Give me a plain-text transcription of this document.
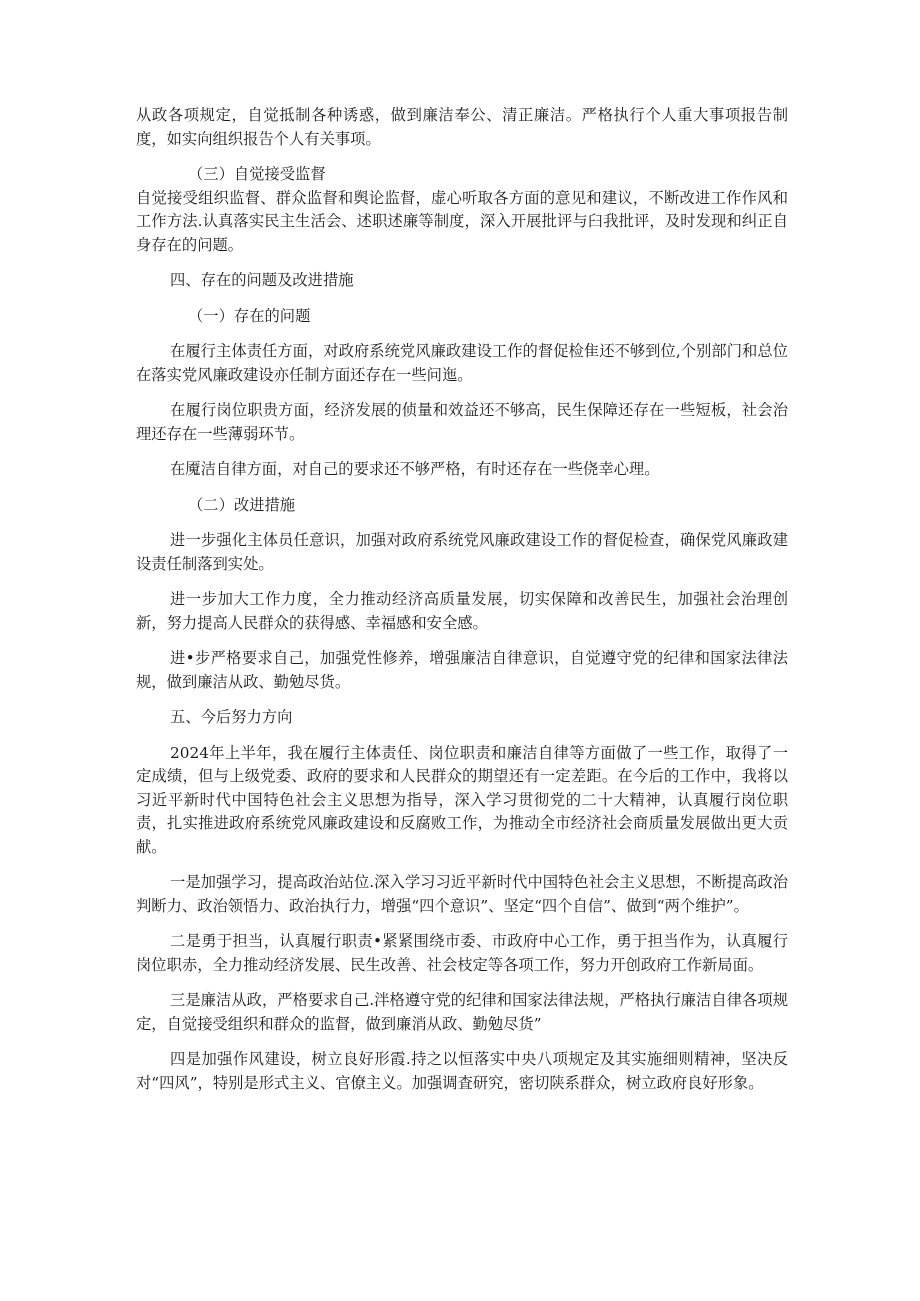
从政各项规定，自觉抵制各种诱惑，做到廉洁奉公、清正廉洁。严格执行个人重大事项报告制度，如实向组织报告个人有关事项。

（三）自觉接受监督

自觉接受组织监督、群众监督和舆论监督，虚心听取各方面的意见和建议，不断改进工作作风和工作方法.认真落实民主生活会、述职述廉等制度，深入开展批评与臼我批评，及时发现和纠正自身存在的问题。

四、存在的问题及改进措施

（一）存在的问题

在履行主体责任方面，对政府系统党风廉政建设工作的督促检隹还不够到位,个别部门和总位在落实党风廉政建设亦任制方面还存在一些问迤。

在履行岗位职贵方面，经济发展的侦量和效益还不够高，民生保障还存在一些短板，社会治理还存在一些薄弱环节。

在魇洁自律方面，对自己的要求还不够严格，有时还存在一些侥幸心理。

（二）改进措施

进一步强化主体员任意识，加强对政府系统党风廉政建设工作的督促检查，确保党风廉政建设责任制落到实处。

进一步加大工作力度，全力推动经济高质量发展，切实保障和改善民生，加强社会治理创新，努力提高人民群众的获得感、幸福感和安全感。

进•步严格要求自己，加强党性修养，增强廉洁自律意识，自觉遵守党的纪律和国家法律法规，做到廉洁从政、勤勉尽货。

五、今后努力方向

2024年上半年，我在履行主体责任、岗位职责和廉洁自律等方面做了一些工作，取得了一定成绩，但与上级党委、政府的要求和人民群众的期望还有一定差距。在今后的工作中，我将以习近平新时代中国特色社会主义思想为指导，深入学习贯彻党的二十大精神，认真履行岗位职责，扎实推进政府系统党风廉政建设和反腐败工作，为推动全市经济社会商质量发展做出更大贡献。

一是加强学习，提高政治站位.深入学习习近平新时代中国特色社会主义思想，不断提高政治判断力、政治领悟力、政治执行力，增强“四个意识”、坚定“四个自信”、做到“两个维护”。

二是勇于担当，认真履行职责•紧紧围绕市委、市政府中心工作，勇于担当作为，认真履行岗位职赤，全力推动经济发展、民生改善、社会枝定等各项工作，努力开创政府工作新局面。

三是廉洁从政，严格要求自己.泮格遵守党的纪律和国家法律法规，严格执行廉洁自律各项规定，自觉接受组织和群众的监督，做到廉消从政、勤勉尽货”

四是加强作风建设，树立良好形霞.持之以恒落实中央八项规定及其实施细则精神，坚决反对“四风”，特别是形式主义、官僚主义。加强调査研究，密切陕系群众，树立政府良好形象。
